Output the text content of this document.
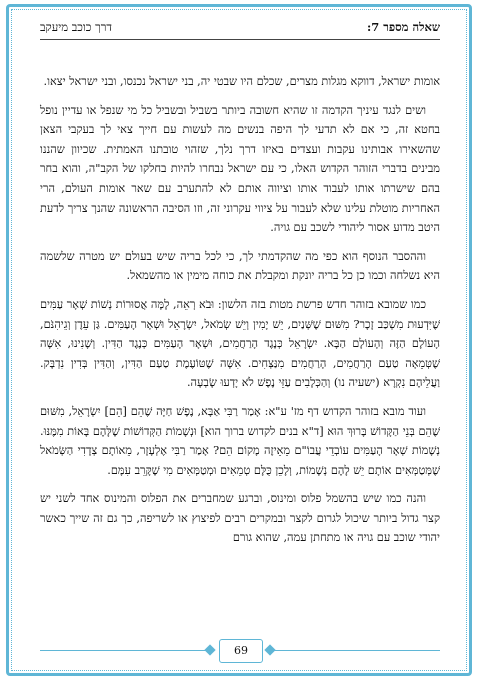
שאלה מספר 7:
דרך כוכב מיעקב

אומות ישראל, דווקא מגלות מצרים, שכלם היו שבטי יה, בני ישראל נכנסו, ובני ישראל יצאו.

ושים לנגד עיניך הקדמה זו שהיא חשובה ביותר בשביל ובשביל כל מי שנפל או עדיין נופל בחטא זה, כי אם לא תדעי לך היפה בנשים מה לעשות עם חייך צאי לך בעקבי הצאן שהשאירו אבותינו עקבות ועצדים באיזו דרך נלך, שזהוי טובתנו האמתית. שכיוון שהננו מבינים בדברי הזוהר הקדוש האלו, כי עם ישראל נבחרו להיות בחלקו של הקב"ה, והוא בחר בהם שישרתו אותו לעבוד אותו וציווה אותם לא להתערב עם שאר אומות העולם, הרי האחריות מוטלת עלינו שלא לעבור על ציווי עקרוני זה, וזו הסיבה הראשונה שהנך צריך לדעת היטב מדוע אסור ליהודי לשכב עם גויה.

וההסבר הנוסף הוא כפי מה שהקדמתי לך, כי לכל בריה שיש בעולם יש מטרה שלשמה היא נשלחה וכמו כן כל בריה יונקת ומקבלת את כוחה מימין או מהשמאל.

כמו שמובא בזוהר חדש פרשת מטות בזה הלשון: וּבֹא רְאֵה, לָמָּה אֲסוּרוֹת נְשׁוֹת שְׁאָר עַמִּים שֶׁיִּדְעוּת מִשְׁכַּב זָכָר? מִשּׁוּם שֶׁשְּׁנַיִם, יֵשׁ יָמִין וְיֵשׁ שְׂמֹאל, יִשְׂרָאֵל וּשְׁאָר הָעַמִּים. גַּן עֵדֶן וְגֵיהִנֹּם, הָעוֹלָם הַזֶּה וְהָעוֹלָם הַבָּא. יִשְׂרָאֵל כְּנֶגֶד הָרַחֲמִים, וּשְׁאָר הָעַמִּים כְּנֶגֶד הַדִּין. וְשָׁנִינוּ, אִשָּׁה שֶׁטְּמֵאָה טַעַם הָרַחֲמִים, הָרַחֲמִים מִנַּצְּחִים. אִשָּׁה שֶׁטּוֹעֶמֶת טַעַם הַדִּין, וְהַדִּין בְּדִין נִדְבָּק. וַעֲלֵיהֶם נִקְרָא (ישעיה נו) וְהַכְּלָבִים עַזֵּי נֶפֶשׁ לֹא יָדְעוּ שָׂבְעָה.

ועוד מובא בזוהר הקדוש דף מז' ע"א: אָמַר רַבִּי אַבָּא, נֶפֶשׁ חַיָּה שֶׁהֵם [הֵם] יִשְׂרָאֵל, מִשּׁוּם שֶׁהֵם בְּנֵי הַקָּדוֹשׁ בָּרוּךְ הוּא [ד"א בנים לקדוש ברוך הוא] וּנְשָׁמוֹת הַקְּדוֹשׁוֹת שֶׁלָּהֶם בָּאוֹת מִמֶּנּוּ. נְשָׁמוֹת שְׁאָר הָעַמִּים עוֹבְדֵי עֲבוֹ"ם מֵאֵיזֶה מָקוֹם הֵם? אָמַר רַבִּי אֶלְעָזָר, מֵאוֹתָם צְדָדִי הַשְּׂמֹאל שֶׁמְּטַמְּאִים אוֹתָם יֵשׁ לָהֶם נְשָׁמוֹת, וְלָכֵן כֻּלָּם טְמֵאִים וּמְטַמְּאִים מִי שֶׁקָּרֵב עִמָּם.

והנה כמו שיש בהשמל פלוס ומינוס, וברגע שמחברים את הפלוס והמינוס אחד לשני יש קצר גדול ביותר שיכול לגרום לקצר ובמקרים רבים לפיצוץ או לשריפה, כך גם זה שייך כאשר יהודי שוכב עם גויה או מתחתן עמה, שהוא גורם

69
